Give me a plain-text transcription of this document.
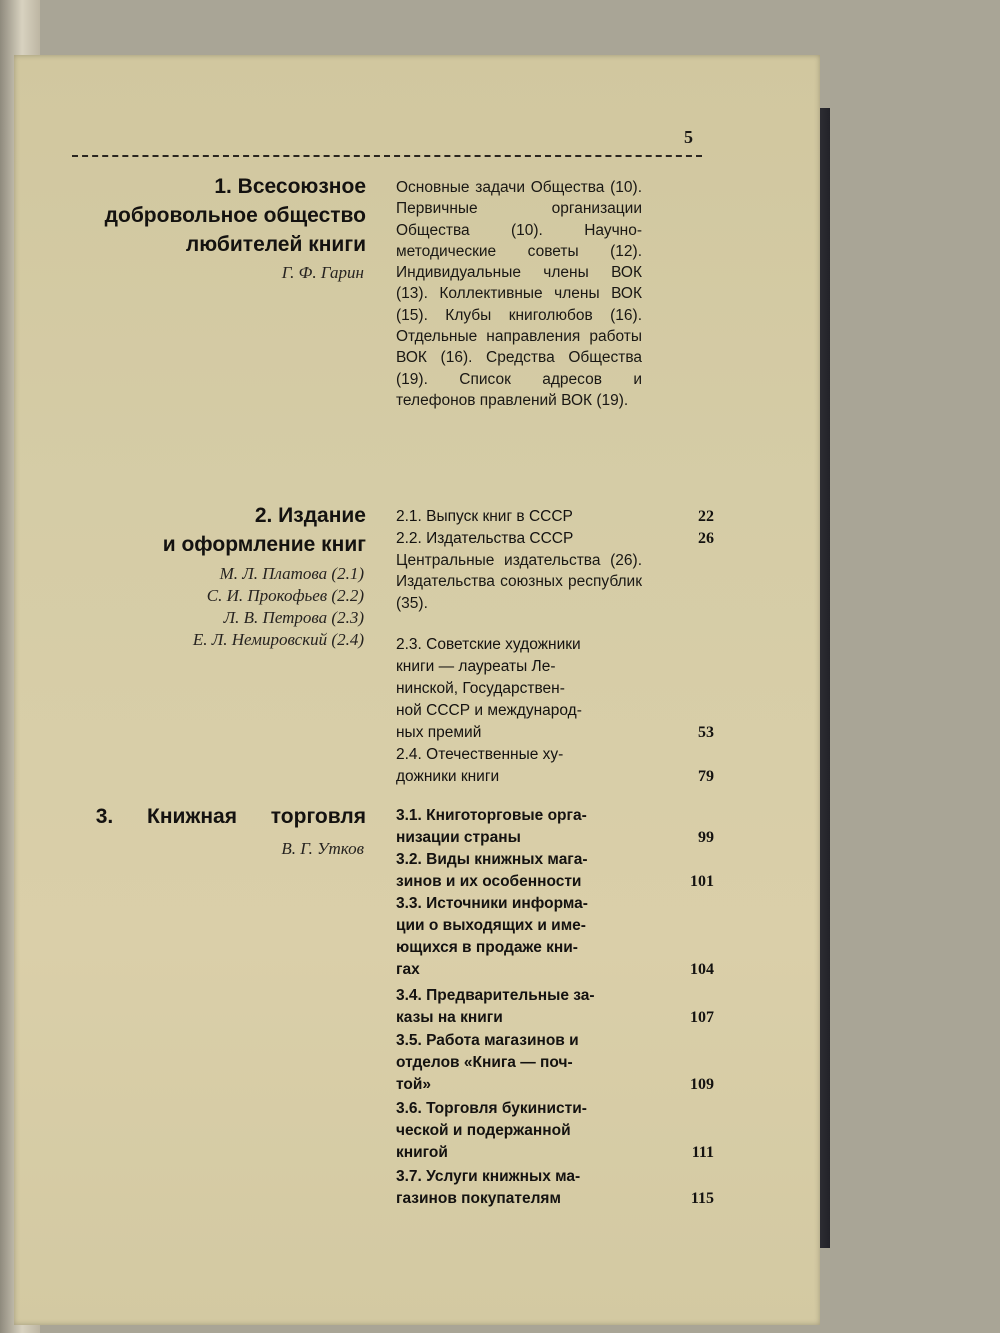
5
1. Всесоюзное
добровольное общество
любителей книги
Г. Ф. Гарин
Основные задачи Общества (10). Первичные организации Общества (10). Научно-методические советы (12). Индивидуальные члены ВОК (13). Коллективные члены ВОК (15). Клубы книголюбов (16). Отдельные направления работы ВОК (16). Средства Общества (19). Список адресов и телефонов правлений ВОК (19).
2. Издание
и оформление книг
М. Л. Платова (2.1)
С. И. Прокофьев (2.2)
Л. В. Петрова (2.3)
Е. Л. Немировский (2.4)
2.1. Выпуск книг в СССР	22
2.2. Издательства СССР	26
Центральные издательства (26). Издательства союзных республик (35).
2.3. Советские художники
книги — лауреаты Ле-
нинской, Государствен-
ной СССР и международ-
ных премий	53
2.4. Отечественные ху-
дожники книги	79
3. Книжная торговля
В. Г. Утков
3.1. Книготорговые орга-
низации страны	99
3.2. Виды книжных мага-
зинов и их особенности	101
3.3. Источники информа-
ции о выходящих и име-
ющихся в продаже кни-
гах	104
3.4. Предварительные за-
казы на книги	107
3.5. Работа магазинов и
отделов «Книга — поч-
той»	109
3.6. Торговля букинисти-
ческой и подержанной
книгой	111
3.7. Услуги книжных ма-
газинов покупателям	115
